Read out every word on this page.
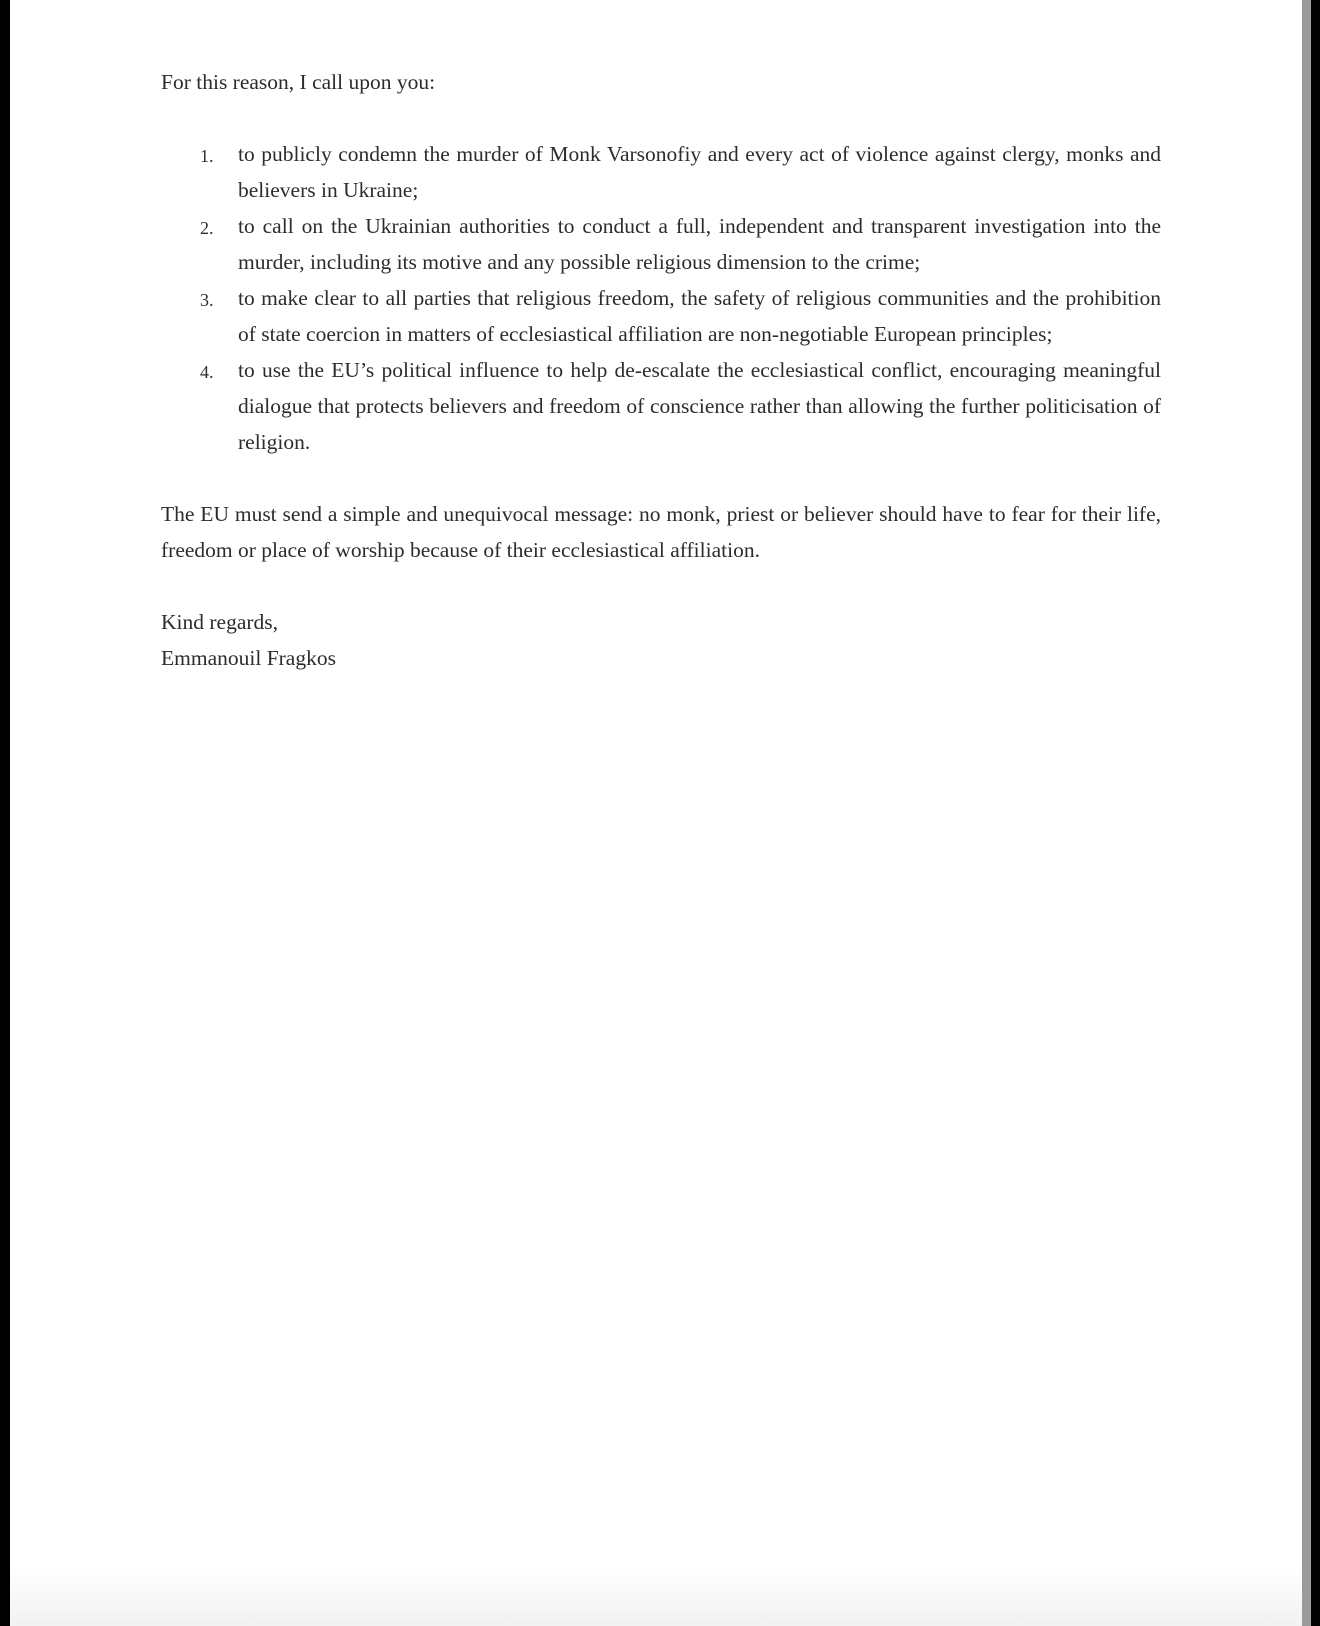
For this reason, I call upon you:

1. to publicly condemn the murder of Monk Varsonofiy and every act of violence against clergy, monks and believers in Ukraine;
2. to call on the Ukrainian authorities to conduct a full, independent and transparent investigation into the murder, including its motive and any possible religious dimension to the crime;
3. to make clear to all parties that religious freedom, the safety of religious communities and the prohibition of state coercion in matters of ecclesiastical affiliation are non-negotiable European principles;
4. to use the EU’s political influence to help de-escalate the ecclesiastical conflict, encouraging meaningful dialogue that protects believers and freedom of conscience rather than allowing the further politicisation of religion.

The EU must send a simple and unequivocal message: no monk, priest or believer should have to fear for their life, freedom or place of worship because of their ecclesiastical affiliation.

Kind regards,
Emmanouil Fragkos
